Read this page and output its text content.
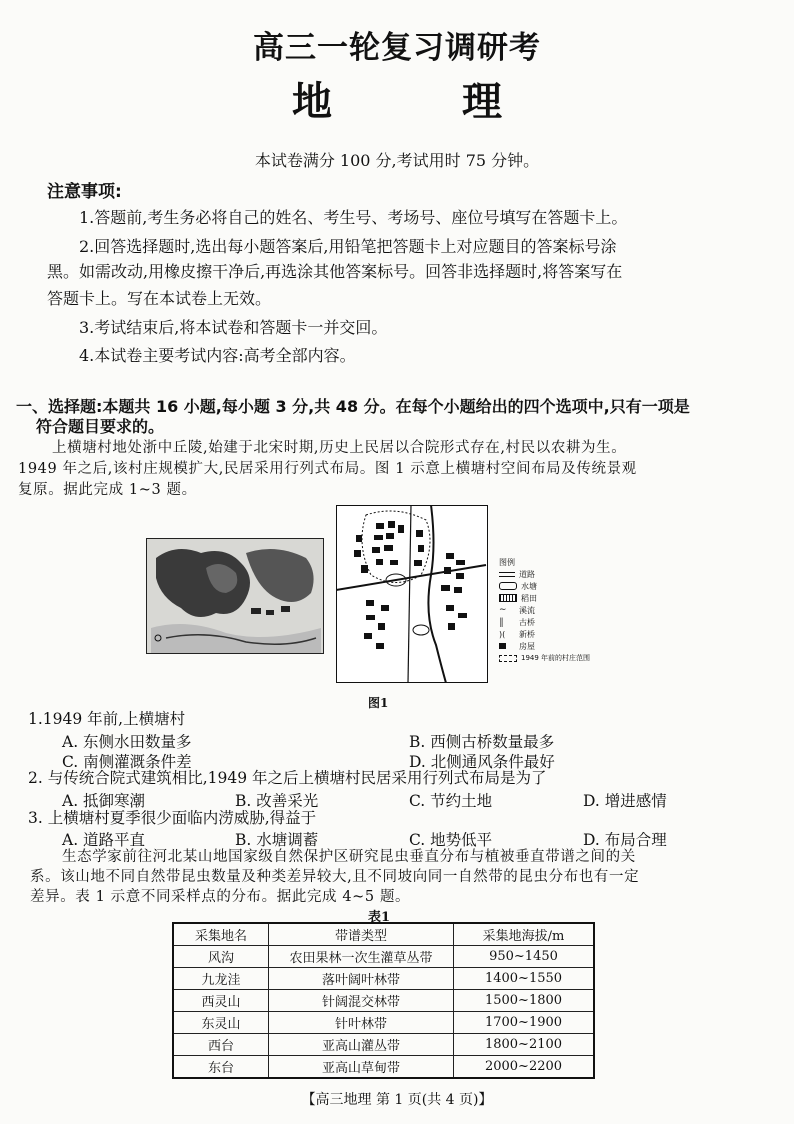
高三一轮复习调研考
地 理
本试卷满分 100 分,考试用时 75 分钟。
注意事项:
1.答题前,考生务必将自己的姓名、考生号、考场号、座位号填写在答题卡上。
2.回答选择题时,选出每小题答案后,用铅笔把答题卡上对应题目的答案标号涂
黑。如需改动,用橡皮擦干净后,再选涂其他答案标号。回答非选择题时,将答案写在
答题卡上。写在本试卷上无效。
3.考试结束后,将本试卷和答题卡一并交回。
4.本试卷主要考试内容:高考全部内容。
一、选择题:本题共 16 小题,每小题 3 分,共 48 分。在每个小题给出的四个选项中,只有一项是
符合题目要求的。
上横塘村地处浙中丘陵,始建于北宋时期,历史上民居以合院形式存在,村民以农耕为生。
1949 年之后,该村庄规模扩大,民居采用行列式布局。图 1 示意上横塘村空间布局及传统景观
复原。据此完成 1~3 题。
图例
道路
水塘
稻田
∼	溪流
║	古桥
)(	新桥
房屋
1949 年前的村庄范围
图1
1.1949 年前,上横塘村
A. 东侧水田数量多	B. 西侧古桥数量最多
C. 南侧灌溉条件差	D. 北侧通风条件最好
2. 与传统合院式建筑相比,1949 年之后上横塘村民居采用行列式布局是为了
A. 抵御寒潮	B. 改善采光	C. 节约土地	D. 增进感情
3. 上横塘村夏季很少面临内涝威胁,得益于
A. 道路平直	B. 水塘调蓄	C. 地势低平	D. 布局合理
生态学家前往河北某山地国家级自然保护区研究昆虫垂直分布与植被垂直带谱之间的关
系。该山地不同自然带昆虫数量及种类差异较大,且不同坡向同一自然带的昆虫分布也有一定
差异。表 1 示意不同采样点的分布。据此完成 4~5 题。
表1
采集地名	带谱类型	采集地海拔/m
风沟	农田果林一次生灌草丛带	950~1450
九龙洼	落叶阔叶林带	1400~1550
西灵山	针阔混交林带	1500~1800
东灵山	针叶林带	1700~1900
西台	亚高山灌丛带	1800~2100
东台	亚高山草甸带	2000~2200
【高三地理 第 1 页(共 4 页)】
